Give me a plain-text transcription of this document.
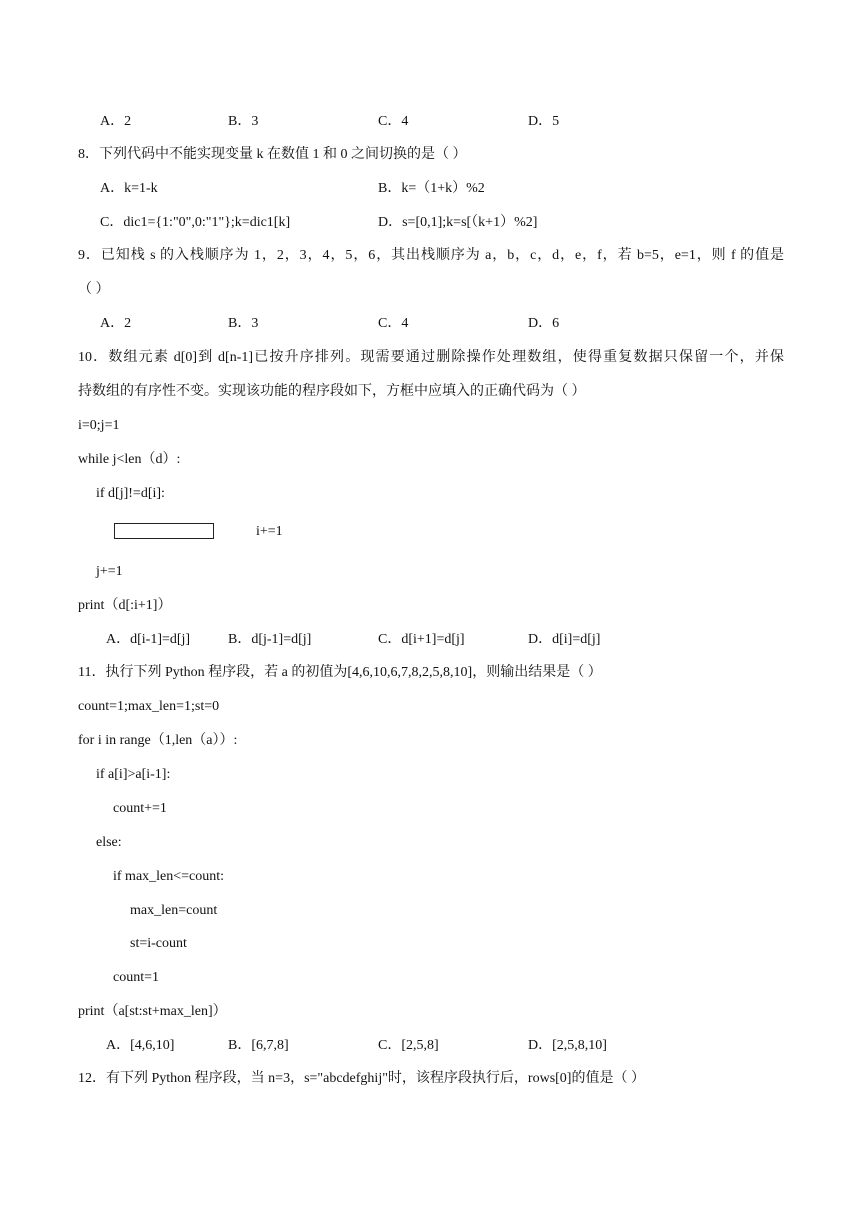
A．2	B．3	C．4	D．5
8．下列代码中不能实现变量 k 在数值 1 和 0 之间切换的是（ ）
A．k=1-k	B．k=（1+k）%2
C．dic1={1:"0",0:"1"};k=dic1[k]	D．s=[0,1];k=s[（k+1）%2]
9．已知栈 s 的入栈顺序为 1，2，3，4，5，6，其出栈顺序为 a，b，c，d，e，f，若 b=5，e=1，则 f 的值是
（ ）
A．2	B．3	C．4	D．6
10．数组元素 d[0]到 d[n-1]已按升序排列。现需要通过删除操作处理数组，使得重复数据只保留一个，并保
持数组的有序性不变。实现该功能的程序段如下，方框中应填入的正确代码为（ ）
i=0;j=1
while j<len（d）:
if d[j]!=d[i]:
i+=1
j+=1
print（d[:i+1]）
A．d[i-1]=d[j]	B．d[j-1]=d[j]	C．d[i+1]=d[j]	D．d[i]=d[j]
11．执行下列 Python 程序段，若 a 的初值为[4,6,10,6,7,8,2,5,8,10]，则输出结果是（ ）
count=1;max_len=1;st=0
for i in range（1,len（a））:
if a[i]>a[i-1]:
count+=1
else:
if max_len<=count:
max_len=count
st=i-count
count=1
print（a[st:st+max_len]）
A．[4,6,10]	B．[6,7,8]	C．[2,5,8]	D．[2,5,8,10]
12．有下列 Python 程序段，当 n=3，s="abcdefghij"时，该程序段执行后，rows[0]的值是（ ）
